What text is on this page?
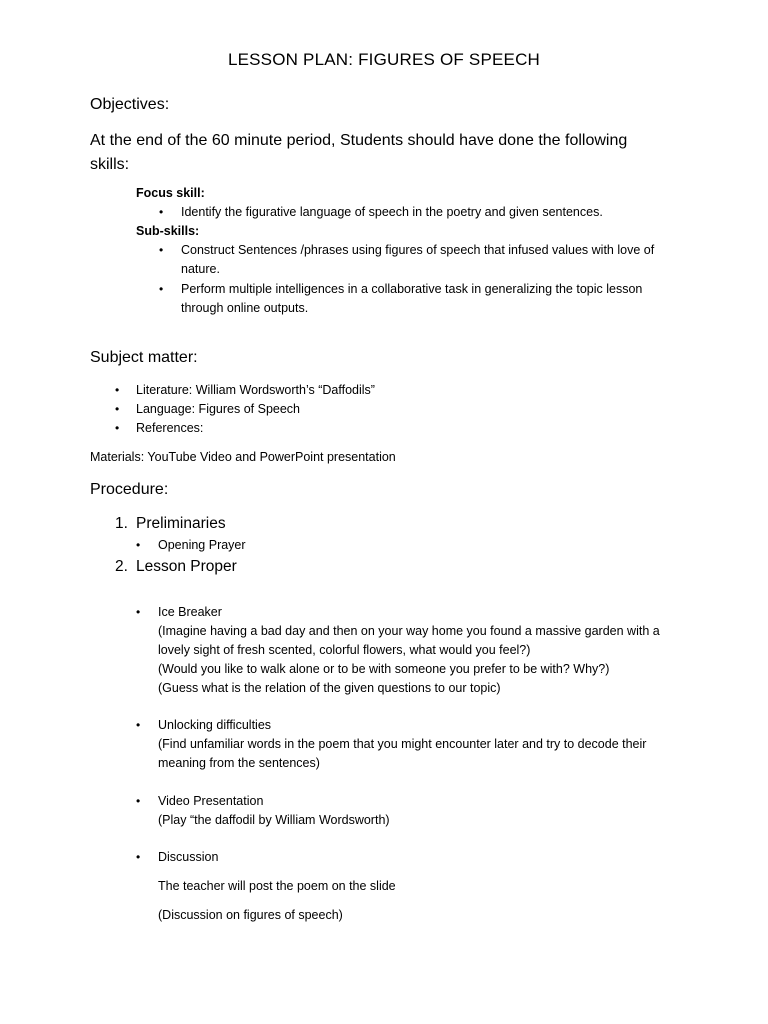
LESSON PLAN: FIGURES OF SPEECH
Objectives:
At the end of the 60 minute period, Students should have done the following skills:
Focus skill:
• Identify the figurative language of speech in the poetry and given sentences.
Sub-skills:
• Construct Sentences /phrases using figures of speech that infused values with love of nature.
• Perform multiple intelligences in a collaborative task in generalizing the topic lesson through online outputs.
Subject matter:
• Literature: William Wordsworth’s “Daffodils”
• Language: Figures of Speech
• References:
Materials: YouTube Video and PowerPoint presentation
Procedure:
1. Preliminaries
• Opening Prayer
2. Lesson Proper
• Ice Breaker
(Imagine having a bad day and then on your way home you found a massive garden with a lovely sight of fresh scented, colorful flowers, what would you feel?)
(Would you like to walk alone or to be with someone you prefer to be with? Why?)
(Guess what is the relation of the given questions to our topic)
• Unlocking difficulties
(Find unfamiliar words in the poem that you might encounter later and try to decode their meaning from the sentences)
• Video Presentation
(Play “the daffodil by William Wordsworth)
• Discussion
The teacher will post the poem on the slide
(Discussion on figures of speech)
